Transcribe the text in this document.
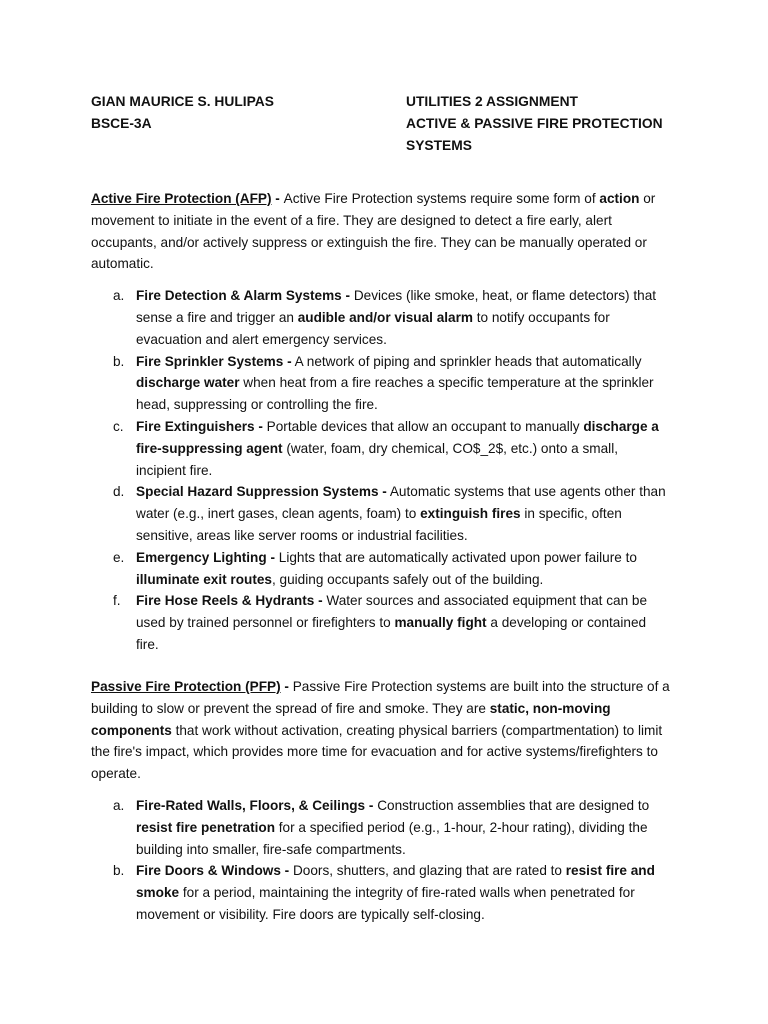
GIAN MAURICE S. HULIPAS
BSCE-3A
UTILITIES 2 ASSIGNMENT
ACTIVE & PASSIVE FIRE PROTECTION
SYSTEMS

Active Fire Protection (AFP) - Active Fire Protection systems require some form of action or movement to initiate in the event of a fire. They are designed to detect a fire early, alert occupants, and/or actively suppress or extinguish the fire. They can be manually operated or automatic.

a. Fire Detection & Alarm Systems - Devices (like smoke, heat, or flame detectors) that sense a fire and trigger an audible and/or visual alarm to notify occupants for evacuation and alert emergency services.
b. Fire Sprinkler Systems - A network of piping and sprinkler heads that automatically discharge water when heat from a fire reaches a specific temperature at the sprinkler head, suppressing or controlling the fire.
c. Fire Extinguishers - Portable devices that allow an occupant to manually discharge a fire-suppressing agent (water, foam, dry chemical, CO$_2$, etc.) onto a small, incipient fire.
d. Special Hazard Suppression Systems - Automatic systems that use agents other than water (e.g., inert gases, clean agents, foam) to extinguish fires in specific, often sensitive, areas like server rooms or industrial facilities.
e. Emergency Lighting - Lights that are automatically activated upon power failure to illuminate exit routes, guiding occupants safely out of the building.
f. Fire Hose Reels & Hydrants - Water sources and associated equipment that can be used by trained personnel or firefighters to manually fight a developing or contained fire.

Passive Fire Protection (PFP) - Passive Fire Protection systems are built into the structure of a building to slow or prevent the spread of fire and smoke. They are static, non-moving components that work without activation, creating physical barriers (compartmentation) to limit the fire's impact, which provides more time for evacuation and for active systems/firefighters to operate.

a. Fire-Rated Walls, Floors, & Ceilings - Construction assemblies that are designed to resist fire penetration for a specified period (e.g., 1-hour, 2-hour rating), dividing the building into smaller, fire-safe compartments.
b. Fire Doors & Windows - Doors, shutters, and glazing that are rated to resist fire and smoke for a period, maintaining the integrity of fire-rated walls when penetrated for movement or visibility. Fire doors are typically self-closing.
